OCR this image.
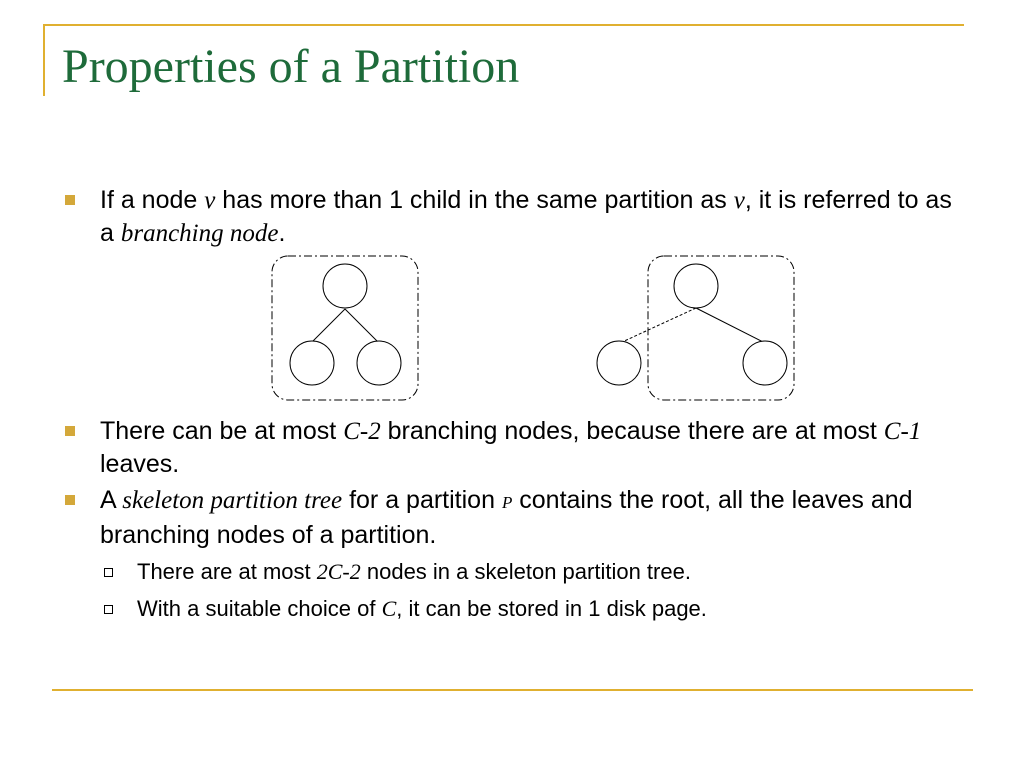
Properties of a Partition

If a node v has more than 1 child in the same partition as v, it is referred to as a branching node.

There can be at most C-2 branching nodes, because there are at most C-1 leaves.

A skeleton partition tree for a partition P contains the root, all the leaves and branching nodes of a partition.

There are at most 2C-2 nodes in a skeleton partition tree.

With a suitable choice of C, it can be stored in 1 disk page.
